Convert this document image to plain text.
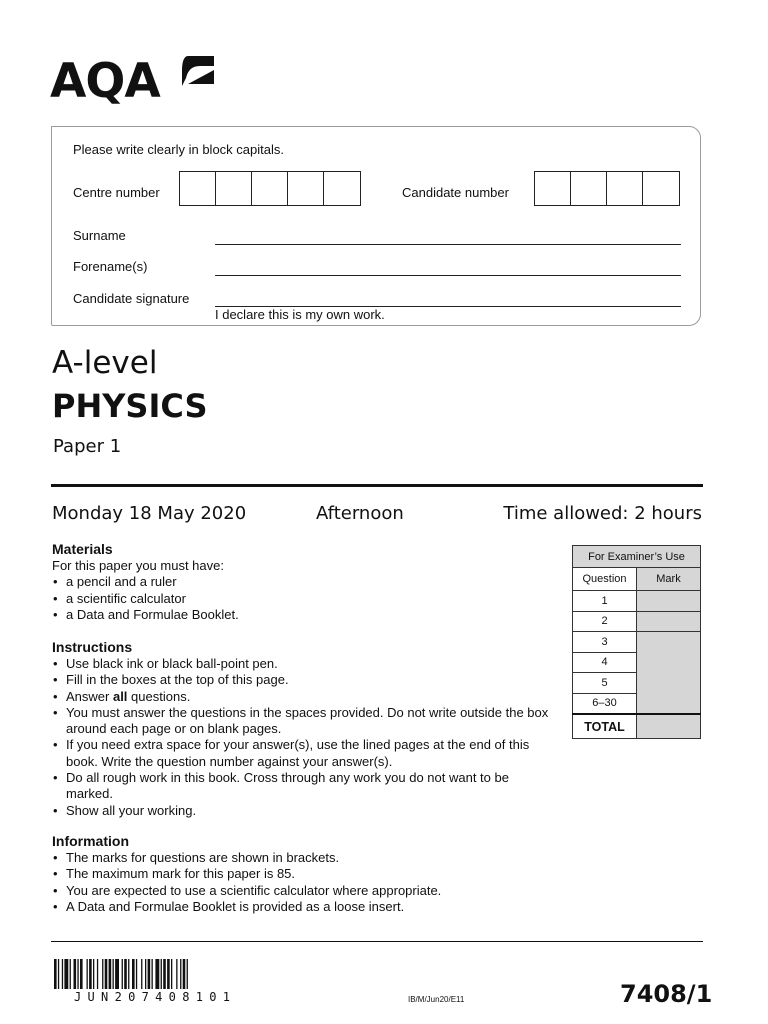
AQA
Please write clearly in block capitals.
Centre number	Candidate number
Surname
Forename(s)
Candidate signature
I declare this is my own work.
A-level
PHYSICS
Paper 1
Monday 18 May 2020	Afternoon	Time allowed: 2 hours
Materials
For this paper you must have:
• a pencil and a ruler
• a scientific calculator
• a Data and Formulae Booklet.
Instructions
• Use black ink or black ball-point pen.
• Fill in the boxes at the top of this page.
• Answer all questions.
• You must answer the questions in the spaces provided. Do not write outside the box around each page or on blank pages.
• If you need extra space for your answer(s), use the lined pages at the end of this book. Write the question number against your answer(s).
• Do all rough work in this book. Cross through any work you do not want to be marked.
• Show all your working.
Information
• The marks for questions are shown in brackets.
• The maximum mark for this paper is 85.
• You are expected to use a scientific calculator where appropriate.
• A Data and Formulae Booklet is provided as a loose insert.
For Examiner’s Use	
Question	Mark
1	
2	
3	
4	
5	
6–30	
TOTAL	
JUN207408101	IB/M/Jun20/E11	7408/1
